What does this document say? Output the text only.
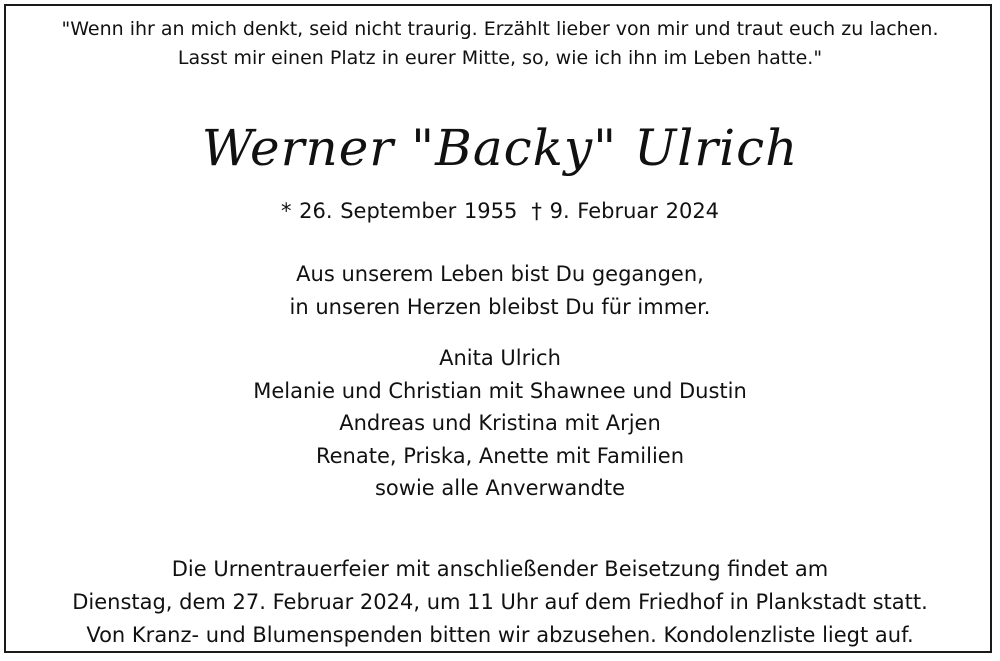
"Wenn ihr an mich denkt, seid nicht traurig. Erzählt lieber von mir und traut euch zu lachen.
Lasst mir einen Platz in eurer Mitte, so, wie ich ihn im Leben hatte."
Werner "Backy" Ulrich
* 26. September 1955 † 9. Februar 2024
Aus unserem Leben bist Du gegangen,
in unseren Herzen bleibst Du für immer.
Anita Ulrich
Melanie und Christian mit Shawnee und Dustin
Andreas und Kristina mit Arjen
Renate, Priska, Anette mit Familien
sowie alle Anverwandte
Die Urnentrauerfeier mit anschließender Beisetzung findet am
Dienstag, dem 27. Februar 2024, um 11 Uhr auf dem Friedhof in Plankstadt statt.
Von Kranz- und Blumenspenden bitten wir abzusehen. Kondolenzliste liegt auf.
